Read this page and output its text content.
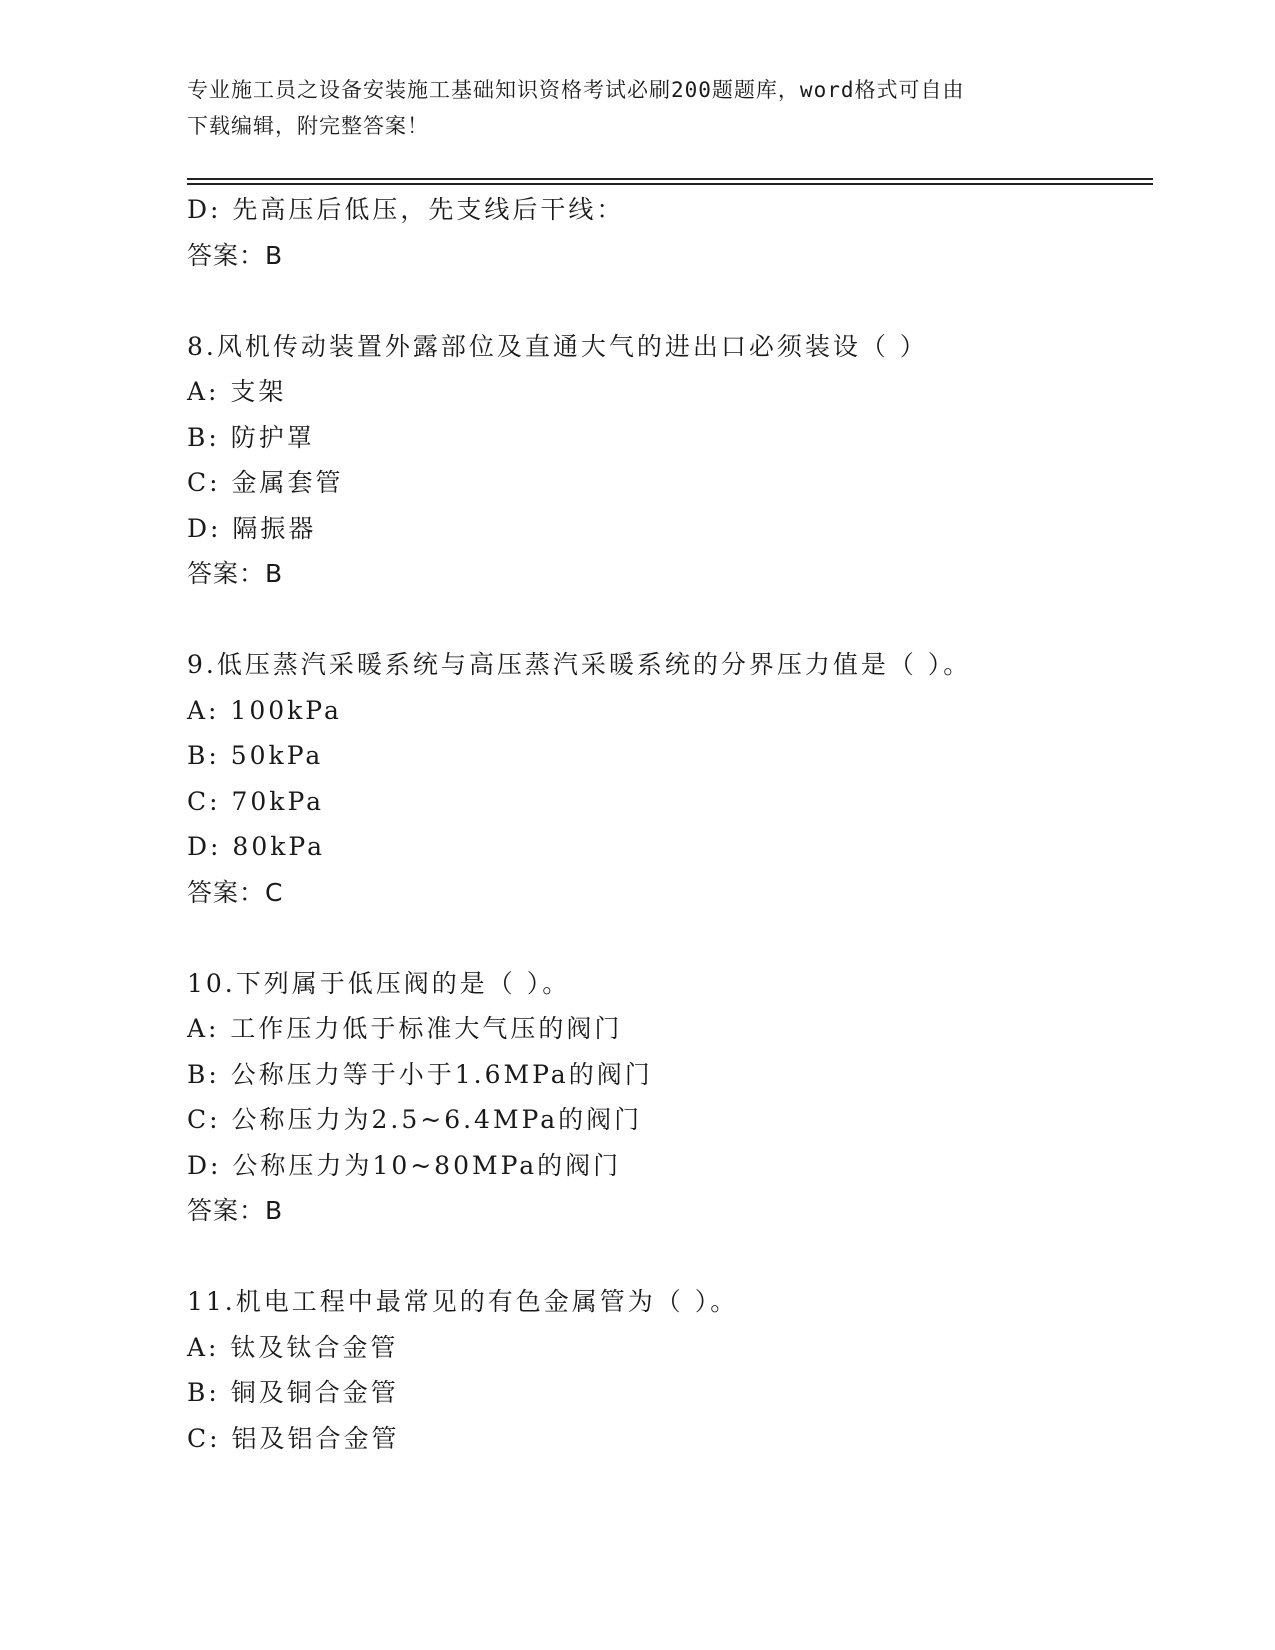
专业施工员之设备安装施工基础知识资格考试必刷200题题库，word格式可自由
下载编辑，附完整答案！
D: 先高压后低压，先支线后干线：
答案：B
8.风机传动装置外露部位及直通大气的进出口必须装设（ ）
A: 支架
B: 防护罩
C: 金属套管
D: 隔振器
答案：B
9.低压蒸汽采暖系统与高压蒸汽采暖系统的分界压力值是（ ）。
A: 100kPa
B: 50kPa
C: 70kPa
D: 80kPa
答案：C
10.下列属于低压阀的是（ ）。
A: 工作压力低于标准大气压的阀门
B: 公称压力等于小于1.6MPa的阀门
C: 公称压力为2.5~6.4MPa的阀门
D: 公称压力为10~80MPa的阀门
答案：B
11.机电工程中最常见的有色金属管为（ ）。
A: 钛及钛合金管
B: 铜及铜合金管
C: 铝及铝合金管
